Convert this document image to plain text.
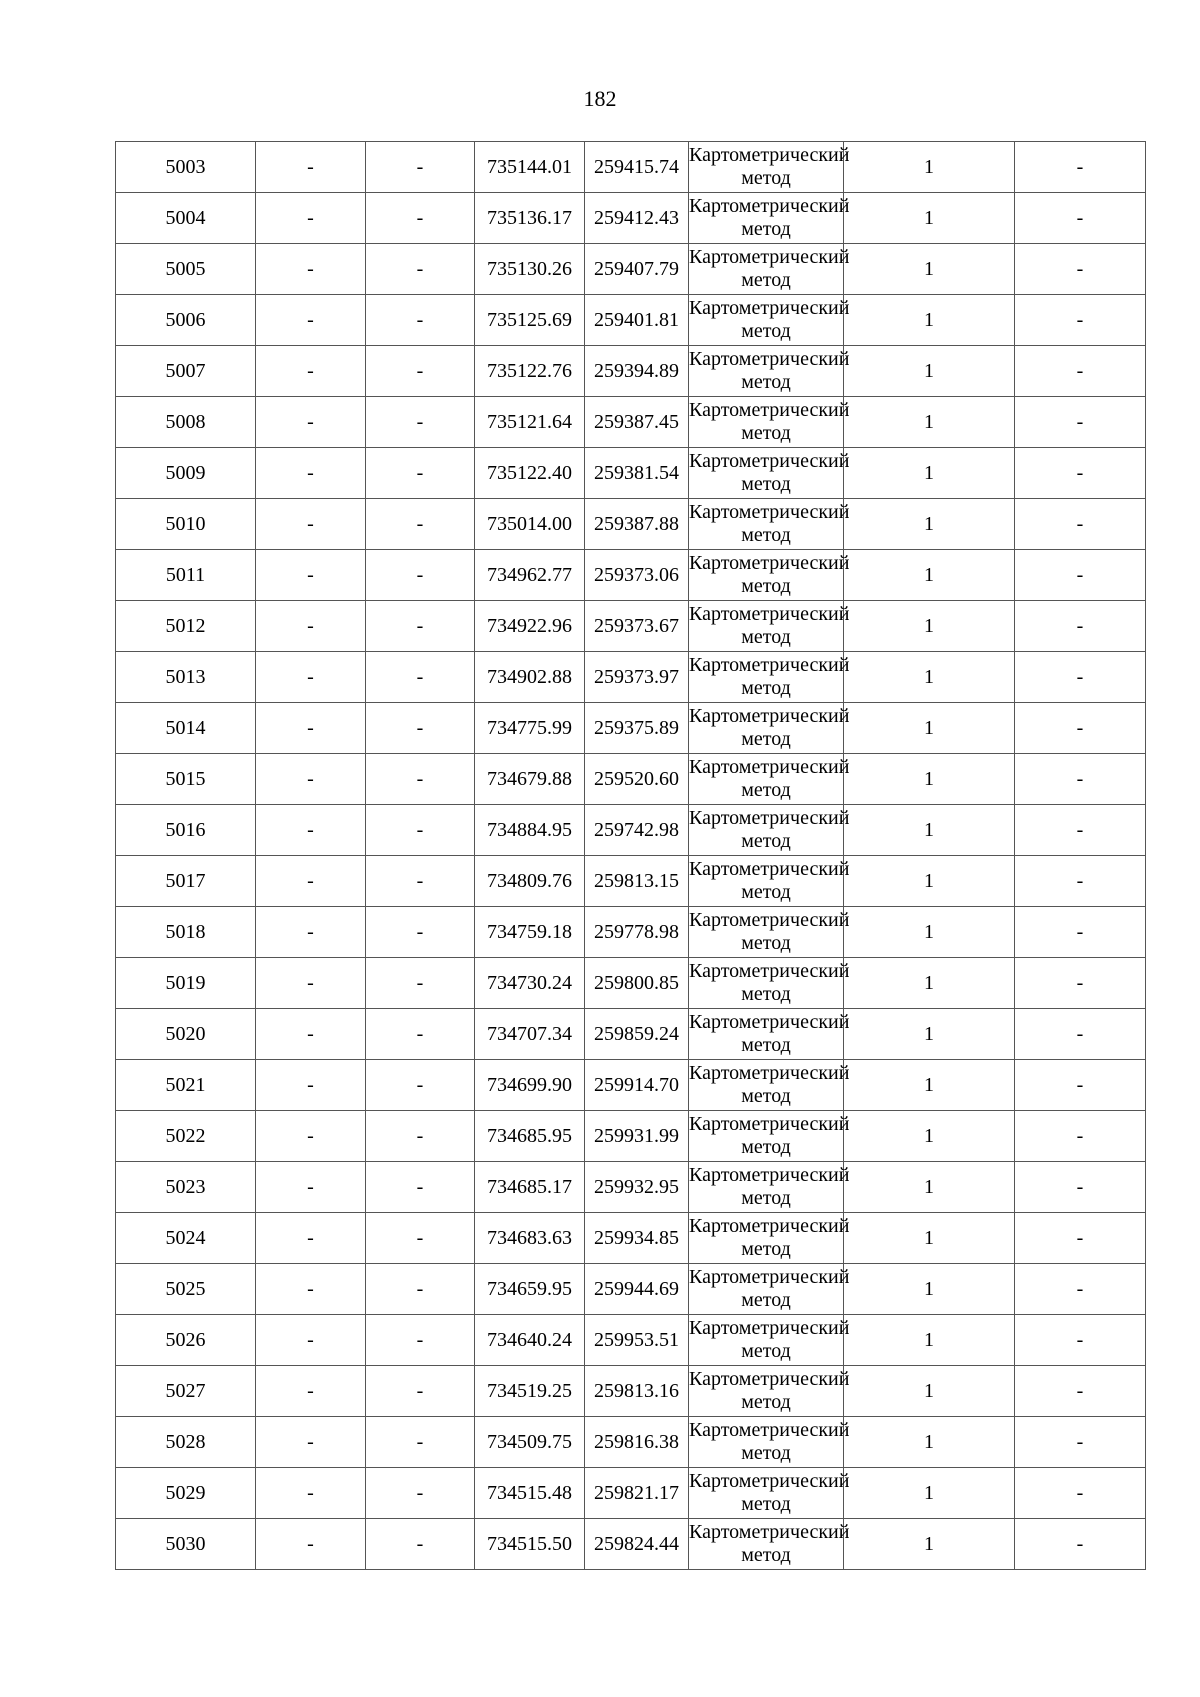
182
5003	-	-	735144.01	259415.74	Картометрический метод	1	-
5004	-	-	735136.17	259412.43	Картометрический метод	1	-
5005	-	-	735130.26	259407.79	Картометрический метод	1	-
5006	-	-	735125.69	259401.81	Картометрический метод	1	-
5007	-	-	735122.76	259394.89	Картометрический метод	1	-
5008	-	-	735121.64	259387.45	Картометрический метод	1	-
5009	-	-	735122.40	259381.54	Картометрический метод	1	-
5010	-	-	735014.00	259387.88	Картометрический метод	1	-
5011	-	-	734962.77	259373.06	Картометрический метод	1	-
5012	-	-	734922.96	259373.67	Картометрический метод	1	-
5013	-	-	734902.88	259373.97	Картометрический метод	1	-
5014	-	-	734775.99	259375.89	Картометрический метод	1	-
5015	-	-	734679.88	259520.60	Картометрический метод	1	-
5016	-	-	734884.95	259742.98	Картометрический метод	1	-
5017	-	-	734809.76	259813.15	Картометрический метод	1	-
5018	-	-	734759.18	259778.98	Картометрический метод	1	-
5019	-	-	734730.24	259800.85	Картометрический метод	1	-
5020	-	-	734707.34	259859.24	Картометрический метод	1	-
5021	-	-	734699.90	259914.70	Картометрический метод	1	-
5022	-	-	734685.95	259931.99	Картометрический метод	1	-
5023	-	-	734685.17	259932.95	Картометрический метод	1	-
5024	-	-	734683.63	259934.85	Картометрический метод	1	-
5025	-	-	734659.95	259944.69	Картометрический метод	1	-
5026	-	-	734640.24	259953.51	Картометрический метод	1	-
5027	-	-	734519.25	259813.16	Картометрический метод	1	-
5028	-	-	734509.75	259816.38	Картометрический метод	1	-
5029	-	-	734515.48	259821.17	Картометрический метод	1	-
5030	-	-	734515.50	259824.44	Картометрический метод	1	-
